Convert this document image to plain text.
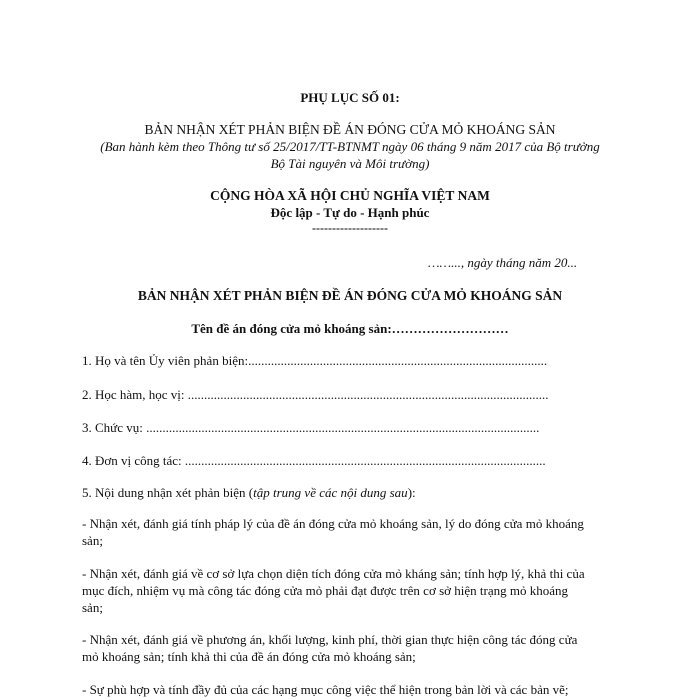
PHỤ LỤC SỐ 01:
BẢN NHẬN XÉT PHẢN BIỆN ĐỀ ÁN ĐÓNG CỬA MỎ KHOÁNG SẢN
(Ban hành kèm theo Thông tư số 25/2017/TT-BTNMT ngày 06 tháng 9 năm 2017 của Bộ trưởng
Bộ Tài nguyên và Môi trường)
CỘNG HÒA XÃ HỘI CHỦ NGHĨA VIỆT NAM
Độc lập - Tự do - Hạnh phúc
-------------------
……..., ngày tháng năm 20...
BẢN NHẬN XÉT PHẢN BIỆN ĐỀ ÁN ĐÓNG CỬA MỎ KHOÁNG SẢN
Tên đề án đóng cửa mỏ khoáng sản:………………………
1. Họ và tên Ủy viên phản biện:............................................................................................
2. Học hàm, học vị: ...............................................................................................................
3. Chức vụ: .........................................................................................................................
4. Đơn vị công tác: ...............................................................................................................
5. Nội dung nhận xét phản biện (tập trung về các nội dung sau):
- Nhận xét, đánh giá tính pháp lý của đề án đóng cửa mỏ khoáng sản, lý do đóng cửa mỏ khoáng
sản;
- Nhận xét, đánh giá về cơ sở lựa chọn diện tích đóng cửa mỏ kháng sản; tính hợp lý, khả thi của
mục đích, nhiệm vụ mà công tác đóng cửa mỏ phải đạt được trên cơ sở hiện trạng mỏ khoáng
sản;
- Nhận xét, đánh giá về phương án, khối lượng, kinh phí, thời gian thực hiện công tác đóng cửa
mỏ khoáng sản; tính khả thi của đề án đóng cửa mỏ khoáng sản;
- Sự phù hợp và tính đầy đủ của các hạng mục công việc thể hiện trong bản lời và các bản vẽ;
